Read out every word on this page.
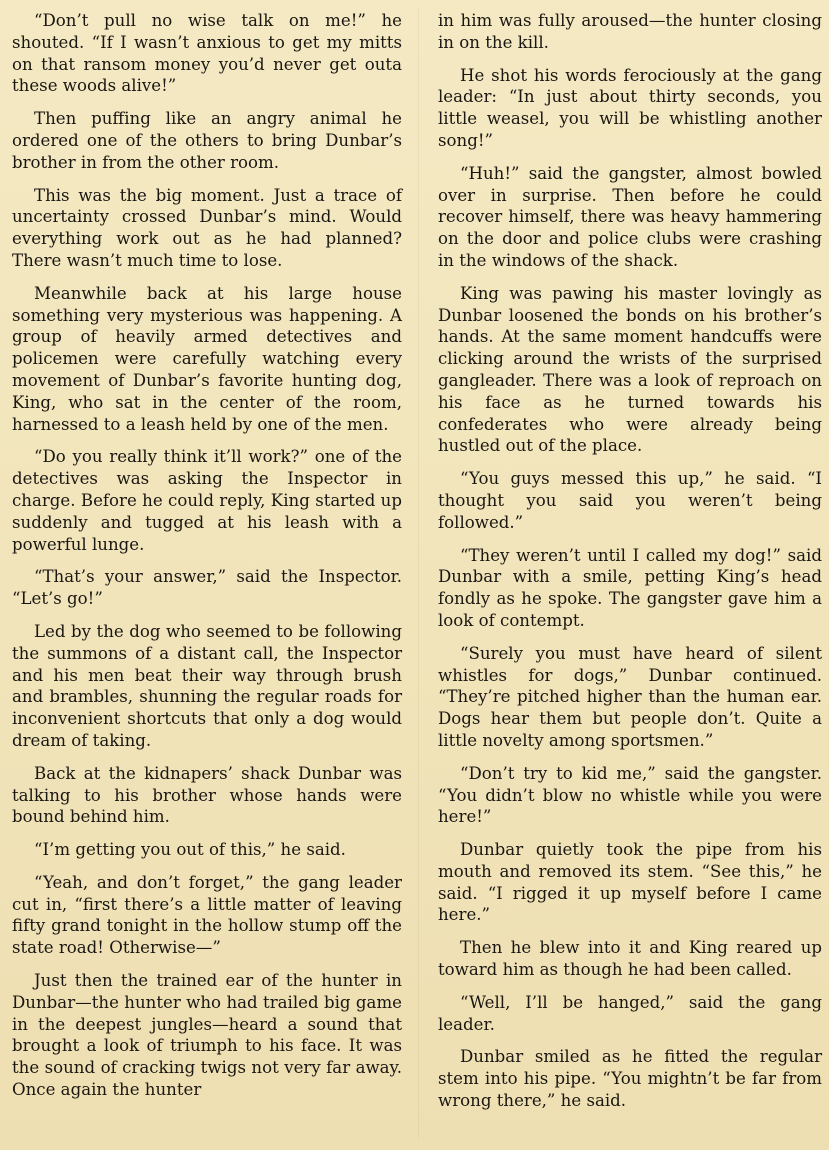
“Don’t pull no wise talk on me!” he shouted. “If I wasn’t anxious to get my mitts on that ransom money you’d never get outa these woods alive!”

Then puffing like an angry animal he ordered one of the others to bring Dunbar’s brother in from the other room.

This was the big moment. Just a trace of uncertainty crossed Dunbar’s mind. Would everything work out as he had planned? There wasn’t much time to lose.

Meanwhile back at his large house something very mysterious was happening. A group of heavily armed detectives and policemen were carefully watching every movement of Dunbar’s favorite hunting dog, King, who sat in the center of the room, harnessed to a leash held by one of the men.

“Do you really think it’ll work?” one of the detectives was asking the Inspector in charge. Before he could reply, King started up suddenly and tugged at his leash with a powerful lunge.

“That’s your answer,” said the Inspector. “Let’s go!”

Led by the dog who seemed to be following the summons of a distant call, the Inspector and his men beat their way through brush and brambles, shunning the regular roads for inconvenient shortcuts that only a dog would dream of taking.

Back at the kidnapers’ shack Dunbar was talking to his brother whose hands were bound behind him.

“I’m getting you out of this,” he said.

“Yeah, and don’t forget,” the gang leader cut in, “first there’s a little matter of leaving fifty grand tonight in the hollow stump off the state road! Otherwise—”

Just then the trained ear of the hunter in Dunbar—the hunter who had trailed big game in the deepest jungles—heard a sound that brought a look of triumph to his face. It was the sound of cracking twigs not very far away. Once again the hunter

in him was fully aroused—the hunter closing in on the kill.

He shot his words ferociously at the gang leader: “In just about thirty seconds, you little weasel, you will be whistling another song!”

“Huh!” said the gangster, almost bowled over in surprise. Then before he could recover himself, there was heavy hammering on the door and police clubs were crashing in the windows of the shack.

King was pawing his master lovingly as Dunbar loosened the bonds on his brother’s hands. At the same moment handcuffs were clicking around the wrists of the surprised gangleader. There was a look of reproach on his face as he turned towards his confederates who were already being hustled out of the place.

“You guys messed this up,” he said. “I thought you said you weren’t being followed.”

“They weren’t until I called my dog!” said Dunbar with a smile, petting King’s head fondly as he spoke. The gangster gave him a look of contempt.

“Surely you must have heard of silent whistles for dogs,” Dunbar continued. “They’re pitched higher than the human ear. Dogs hear them but people don’t. Quite a little novelty among sportsmen.”

“Don’t try to kid me,” said the gangster. “You didn’t blow no whistle while you were here!”

Dunbar quietly took the pipe from his mouth and removed its stem. “See this,” he said. “I rigged it up myself before I came here.”

Then he blew into it and King reared up toward him as though he had been called.

“Well, I’ll be hanged,” said the gang leader.

Dunbar smiled as he fitted the regular stem into his pipe. “You mightn’t be far from wrong there,” he said.
